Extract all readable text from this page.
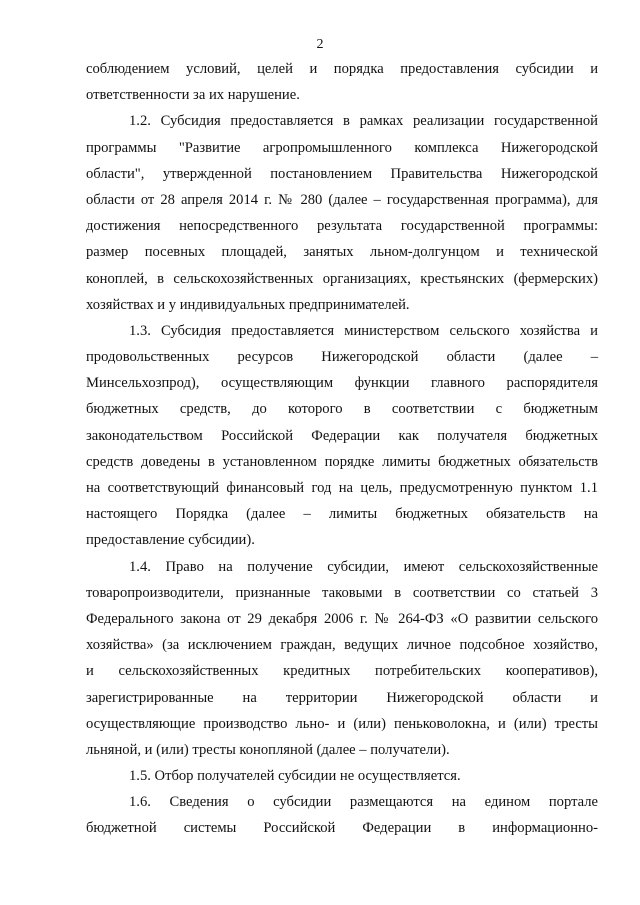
2
соблюдением условий, целей и порядка предоставления субсидии и
ответственности за их нарушение.
1.2. Субсидия предоставляется в рамках реализации государственной
программы "Развитие агропромышленного комплекса Нижегородской
области", утвержденной постановлением Правительства Нижегородской
области от 28 апреля 2014 г. № 280 (далее – государственная программа), для
достижения непосредственного результата государственной программы:
размер посевных площадей, занятых льном-долгунцом и технической
коноплей, в сельскохозяйственных организациях, крестьянских (фермерских)
хозяйствах и у индивидуальных предпринимателей.
1.3. Субсидия предоставляется министерством сельского хозяйства и
продовольственных ресурсов Нижегородской области (далее –
Минсельхозпрод), осуществляющим функции главного распорядителя
бюджетных средств, до которого в соответствии с бюджетным
законодательством Российской Федерации как получателя бюджетных
средств доведены в установленном порядке лимиты бюджетных обязательств
на соответствующий финансовый год на цель, предусмотренную пунктом 1.1
настоящего Порядка (далее – лимиты бюджетных обязательств на
предоставление субсидии).
1.4. Право на получение субсидии, имеют сельскохозяйственные
товаропроизводители, признанные таковыми в соответствии со статьей 3
Федерального закона от 29 декабря 2006 г. № 264-ФЗ «О развитии сельского
хозяйства» (за исключением граждан, ведущих личное подсобное хозяйство,
и сельскохозяйственных кредитных потребительских кооперативов),
зарегистрированные на территории Нижегородской области и
осуществляющие производство льно- и (или) пеньковолокна, и (или) тресты
льняной, и (или) тресты конопляной (далее – получатели).
1.5. Отбор получателей субсидии не осуществляется.
1.6. Сведения о субсидии размещаются на едином портале
бюджетной системы Российской Федерации в информационно-
